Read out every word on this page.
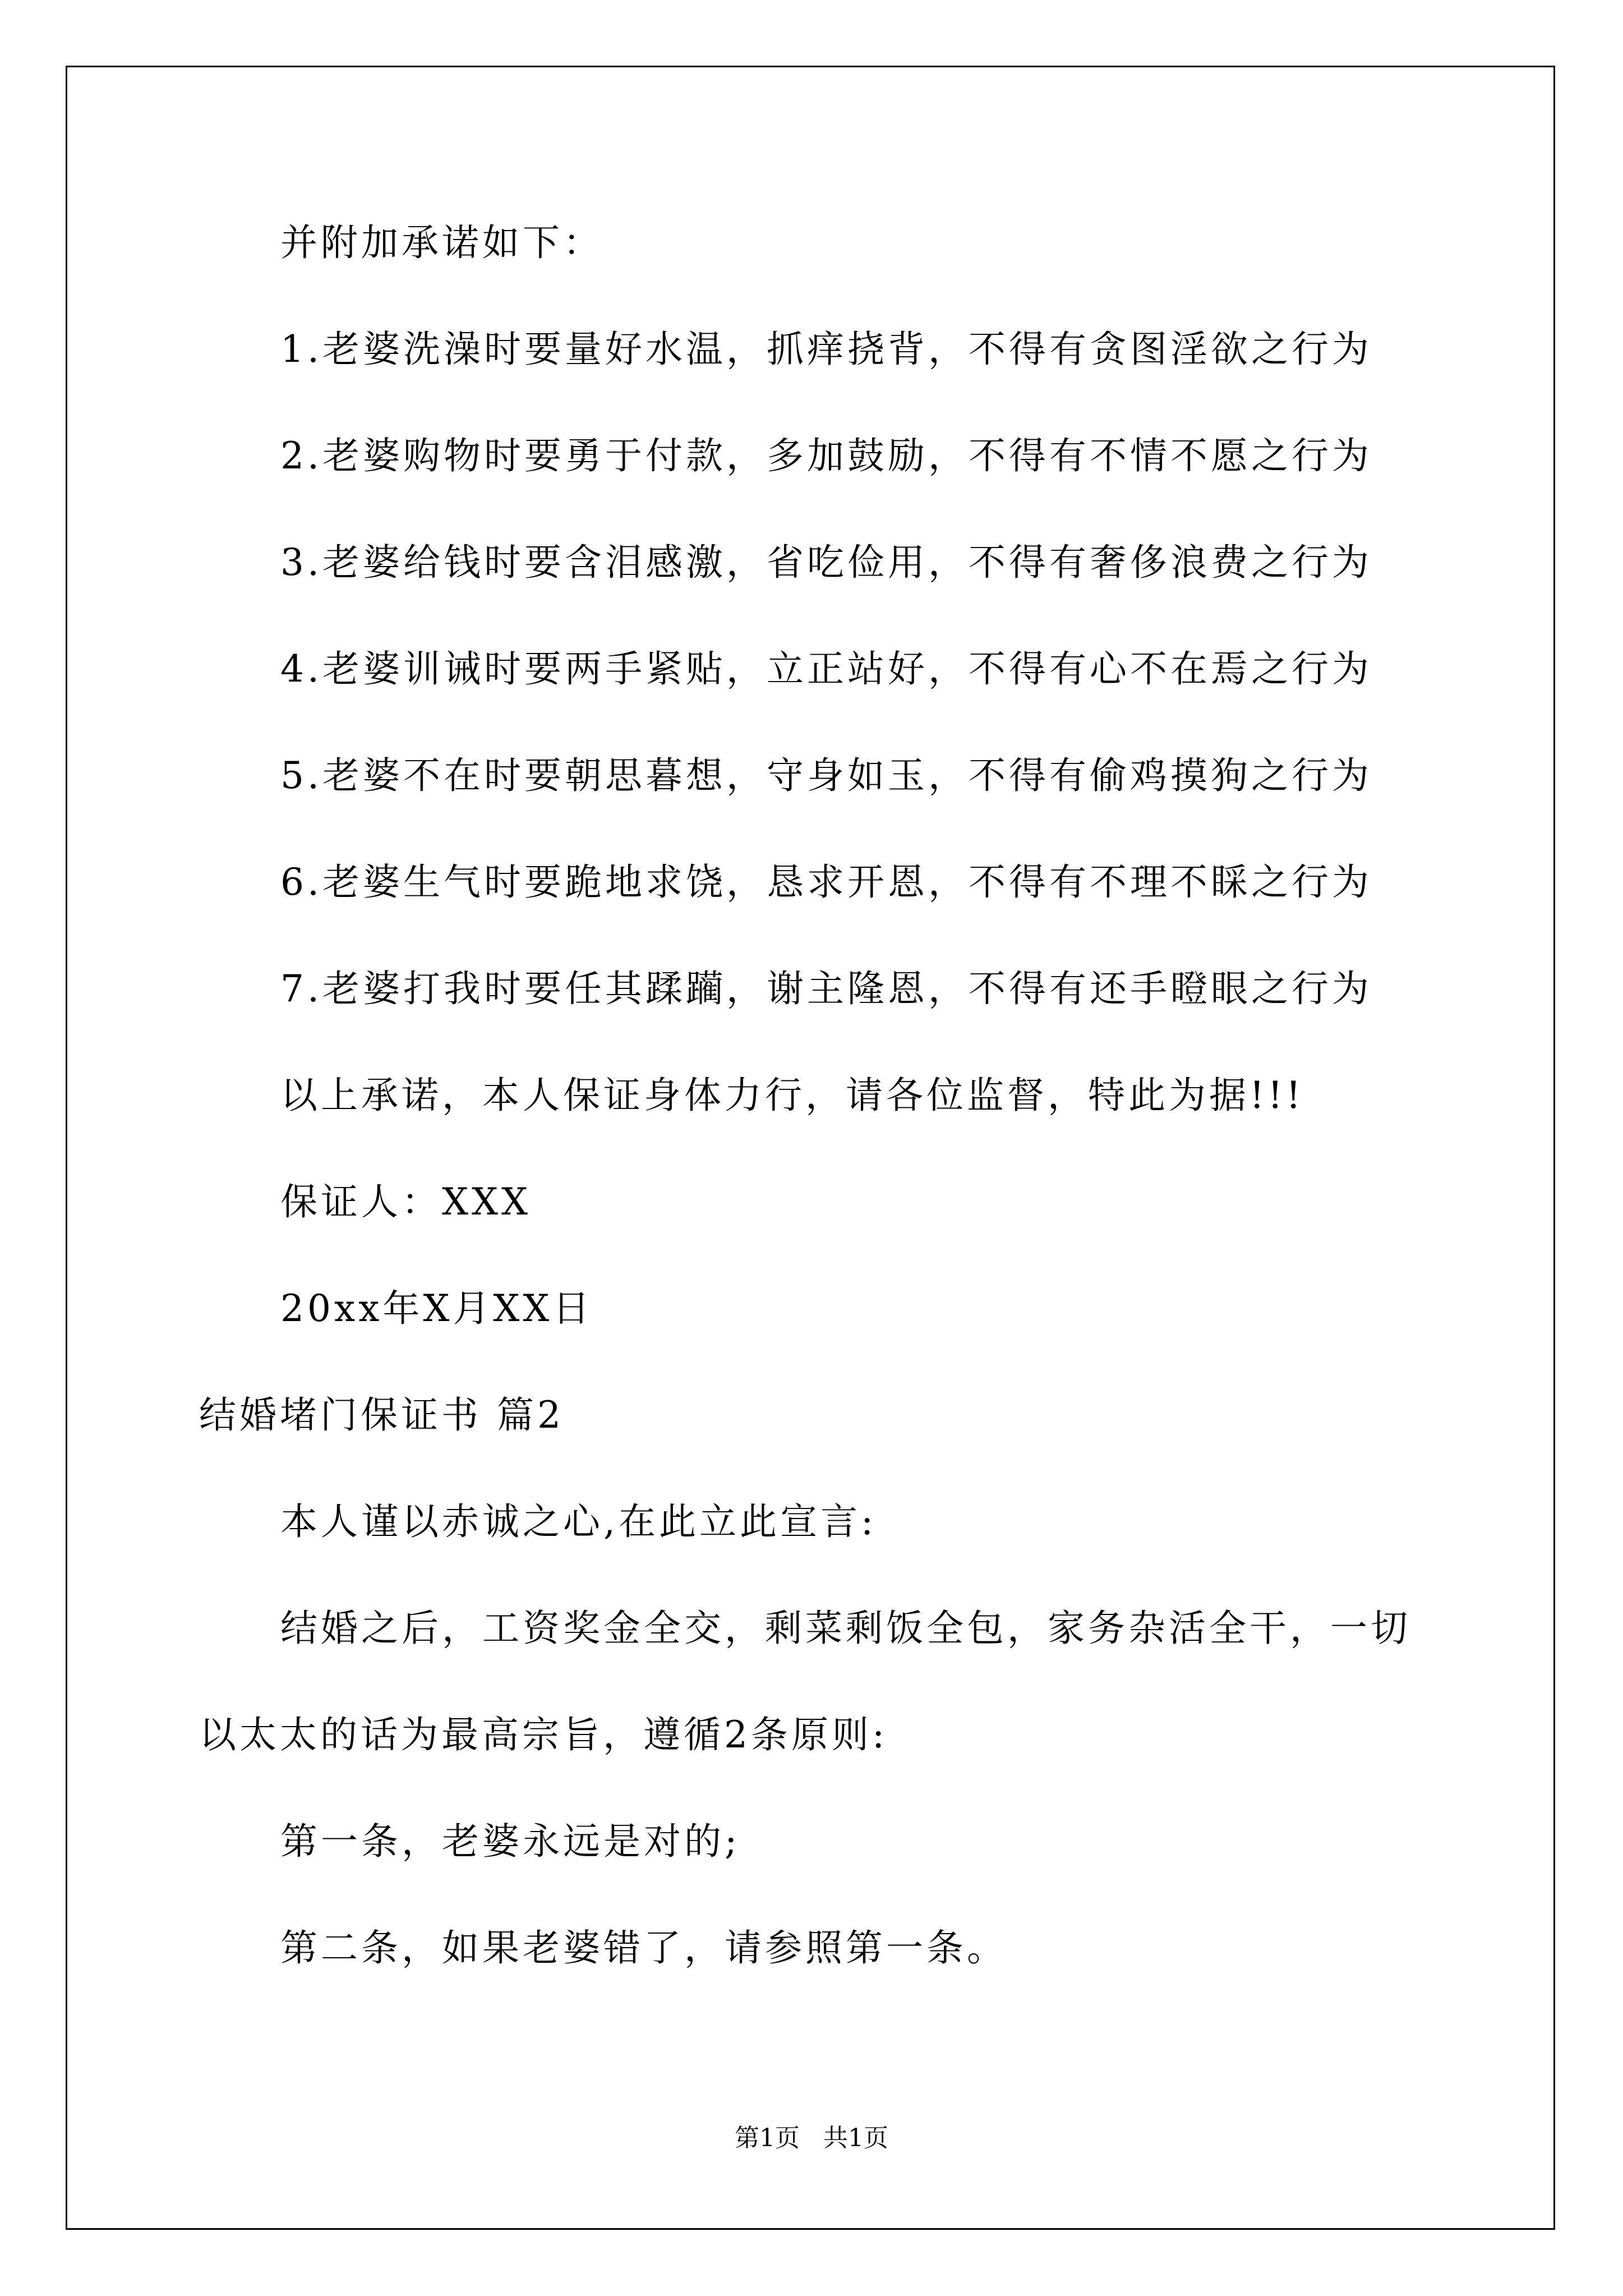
并附加承诺如下：
1.老婆洗澡时要量好水温，抓痒挠背，不得有贪图淫欲之行为
2.老婆购物时要勇于付款，多加鼓励，不得有不情不愿之行为
3.老婆给钱时要含泪感激，省吃俭用，不得有奢侈浪费之行为
4.老婆训诫时要两手紧贴，立正站好，不得有心不在焉之行为
5.老婆不在时要朝思暮想，守身如玉，不得有偷鸡摸狗之行为
6.老婆生气时要跪地求饶，恳求开恩，不得有不理不睬之行为
7.老婆打我时要任其蹂躏，谢主隆恩，不得有还手瞪眼之行为
以上承诺，本人保证身体力行，请各位监督，特此为据!!!
保证人：XXX
20xx年X月XX日
结婚堵门保证书 篇2
本人谨以赤诚之心,在此立此宣言:
结婚之后，工资奖金全交，剩菜剩饭全包，家务杂活全干，一切
以太太的话为最高宗旨，遵循2条原则:
第一条，老婆永远是对的;
第二条，如果老婆错了，请参照第一条。
第1页   共1页
